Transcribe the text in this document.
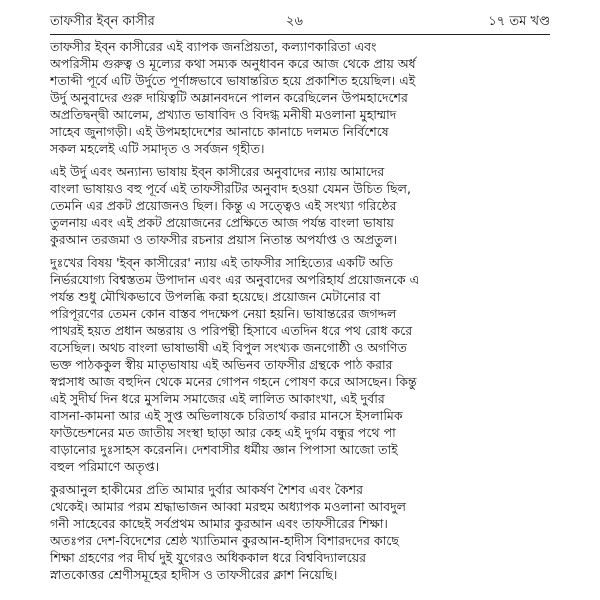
তাফসীর ইব্‌ন কাসীর	২৬	১৭ তম খণ্ড
তাফসীর ইব্‌ন কাসীরের এই ব্যাপক জনপ্রিয়তা, কল্যাণকারিতা এবং
অপরিসীম গুরুত্ব ও মূল্যের কথা সম্যক অনুধাবন করে আজ থেকে প্রায় অর্ধ
শতাব্দী পূর্বে এটি উর্দুতে পূর্ণাঙ্গভাবে ভাষান্তরিত হয়ে প্রকাশিত হয়েছিল। এই
উর্দু অনুবাদের গুরু দায়িত্বটি অম্লানবদনে পালন করেছিলেন উপমহাদেশের
অপ্রতিদ্বন্দ্বী আলেম, প্রখ্যাত ভাষাবিদ ও বিদগ্ধ মনীষী মওলানা মুহাম্মাদ
সাহেব জুনাগড়ী। এই উপমহাদেশের আনাচে কানাচে দলমত নির্বিশেষে
সকল মহলেই এটি সমাদৃত ও সর্বজন গৃহীত।
এই উর্দু এবং অন্যান্য ভাষায় ইব্‌ন কাসীরের অনুবাদের ন্যায় আমাদের
বাংলা ভাষায়ও বহু পূর্বে এই তাফসীরটির অনুবাদ হওয়া যেমন উচিত ছিল,
তেমনি এর প্রকট প্রয়োজনও ছিল। কিন্তু এ সত্ত্বেও এই সংখ্যা গরিষ্ঠের
তুলনায় এবং এই প্রকট প্রয়োজনের প্রেক্ষিতে আজ পর্যন্ত বাংলা ভাষায়
কুরআন তরজমা ও তাফসীর রচনার প্রয়াস নিতান্ত অপর্যাপ্ত ও অপ্রতুল।
দুঃখের বিষয় 'ইব্‌ন কাসীরের' ন্যায় এই তাফসীর সাহিত্যের একটি অতি
নির্ভরযোগ্য বিশ্বস্ততম উপাদান এবং এর অনুবাদের অপরিহার্য প্রয়োজনকে এ
পর্যন্ত শুধু মৌখিকভাবে উপলব্ধি করা হয়েছে। প্রয়োজন মেটানোর বা
পরিপূরণের তেমন কোন বাস্তব পদক্ষেপ নেয়া হয়নি। ভাষান্তরের জগদ্দল
পাথরই হয়ত প্রধান অন্তরায় ও পরিপন্থী হিসাবে এতদিন ধরে পথ রোধ করে
বসেছিল। অথচ বাংলা ভাষাভাষী এই বিপুল সংখ্যক জনগোষ্ঠী ও অগণিত
ভক্ত পাঠককুল স্বীয় মাতৃভাষায় এই অভিনব তাফসীর গ্রন্থকে পাঠ করার
স্বপ্নসাধ আজ বহুদিন থেকে মনের গোপন গহনে পোষণ করে আসছেন। কিন্তু
এই সুদীর্ঘ দিন ধরে মুসলিম সমাজের এই লালিত আকাংখা, এই দুর্বার
বাসনা-কামনা আর এই সুপ্ত অভিলাষকে চরিতার্থ করার মানসে ইসলামিক
ফাউন্ডেশনের মত জাতীয় সংস্থা ছাড়া আর কেহ এই দুর্গম বন্ধুর পথে পা
বাড়ানোর দুঃসাহস করেননি। দেশবাসীর ধর্মীয় জ্ঞান পিপাসা আজো তাই
বহুল পরিমাণে অতৃপ্ত।
কুরআনুল হাকীমের প্রতি আমার দুর্বার আকর্ষণ শৈশব এবং কৈশর
থেকেই। আমার পরম শ্রদ্ধাভাজন আব্বা মরহুম অধ্যাপক মওলানা আবদুল
গনী সাহেবের কাছেই সর্বপ্রথম আমার কুরআন এবং তাফসীরের শিক্ষা।
অতঃপর দেশ-বিদেশের শ্রেষ্ঠ খ্যাতিমান কুরআন-হাদীস বিশারদদের কাছে
শিক্ষা গ্রহণের পর দীর্ঘ দুই যুগেরও অধিককাল ধরে বিশ্ববিদ্যালয়ের
স্নাতকোত্তর শ্রেণীসমূহের হাদীস ও তাফসীরের ক্লাশ নিয়েছি।
